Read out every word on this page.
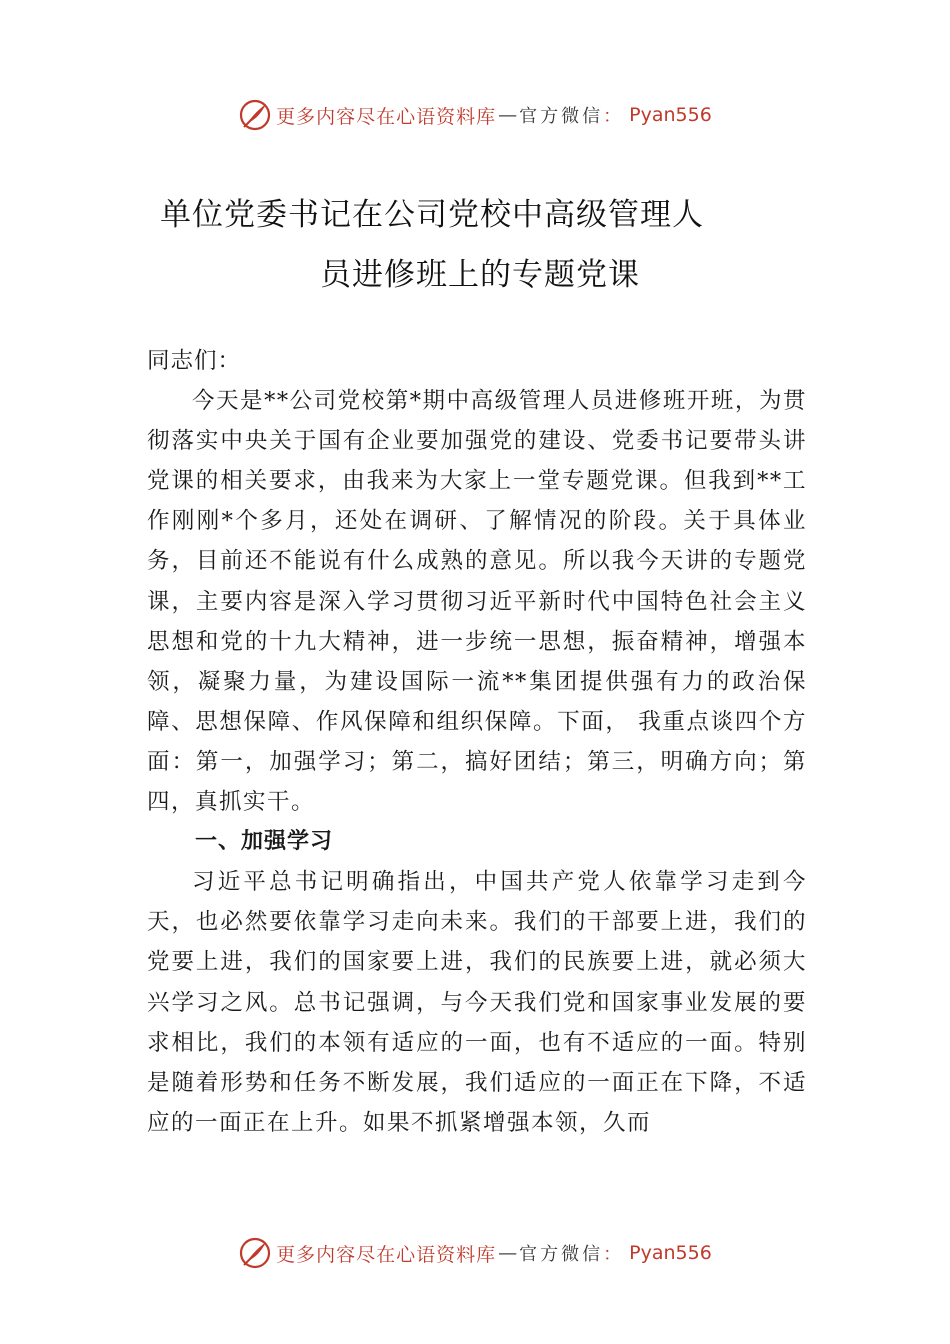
更多内容尽在心语资料库 — 官方微信 ： Pyan556
单位党委书记在公司党校中高级管理人
员进修班上的专题党课

同志们：

今天是**公司党校第*期中高级管理人员进修班开班，为贯彻落实中央关于国有企业要加强党的建设、党委书记要带头讲党课的相关要求，由我来为大家上一堂专题党课。但我到**工作刚刚*个多月，还处在调研、了解情况的阶段。关于具体业务，目前还不能说有什么成熟的意见。所以我今天讲的专题党课，主要内容是深入学习贯彻习近平新时代中国特色社会主义思想和党的十九大精神，进一步统一思想，振奋精神，增强本领，凝聚力量，为建设国际一流**集团提供强有力的政治保障、思想保障、作风保障和组织保障。下面， 我重点谈四个方面：第一，加强学习；第二，搞好团结；第三，明确方向；第四，真抓实干。

一、加强学习

习近平总书记明确指出，中国共产党人依靠学习走到今天，也必然要依靠学习走向未来。我们的干部要上进，我们的党要上进，我们的国家要上进，我们的民族要上进，就必须大兴学习之风。总书记强调，与今天我们党和国家事业发展的要求相比，我们的本领有适应的一面，也有不适应的一面。特别是随着形势和任务不断发展，我们适应的一面正在下降，不适应的一面正在上升。如果不抓紧增强本领，久而

更多内容尽在心语资料库 — 官方微信 ： Pyan556
